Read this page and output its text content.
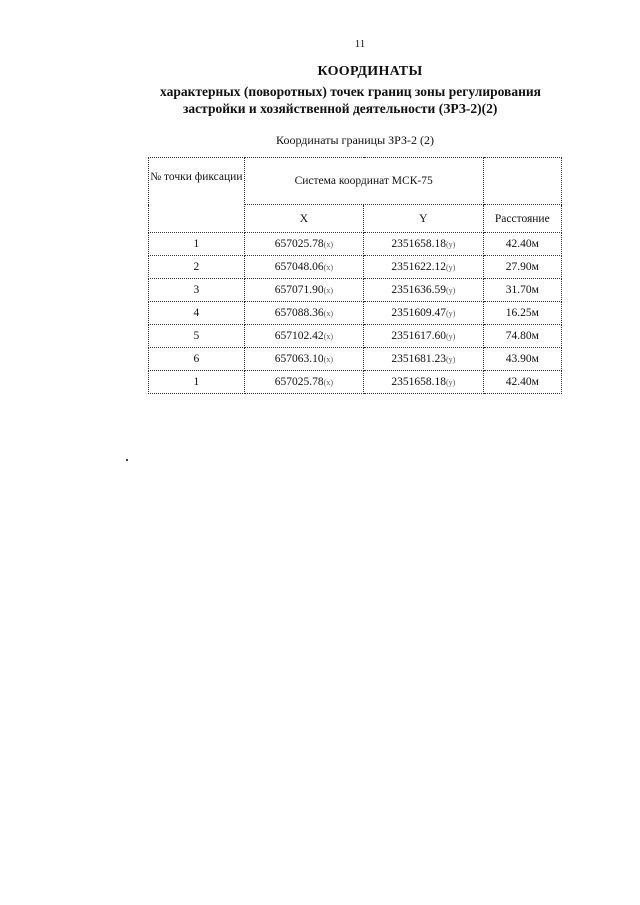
11
КООРДИНАТЫ
характерных (поворотных) точек границ зоны регулирования
застройки и хозяйственной деятельности (ЗРЗ-2)(2)
Координаты границы ЗРЗ-2 (2)
№ точки фиксации	Система координат МСК-75		
	X	Y	Расстояние
1	657025.78(x)	2351658.18(y)	42.40м
2	657048.06(x)	2351622.12(y)	27.90м
3	657071.90(x)	2351636.59(y)	31.70м
4	657088.36(x)	2351609.47(y)	16.25м
5	657102.42(x)	2351617.60(y)	74.80м
6	657063.10(x)	2351681.23(y)	43.90м
1	657025.78(x)	2351658.18(y)	42.40м
